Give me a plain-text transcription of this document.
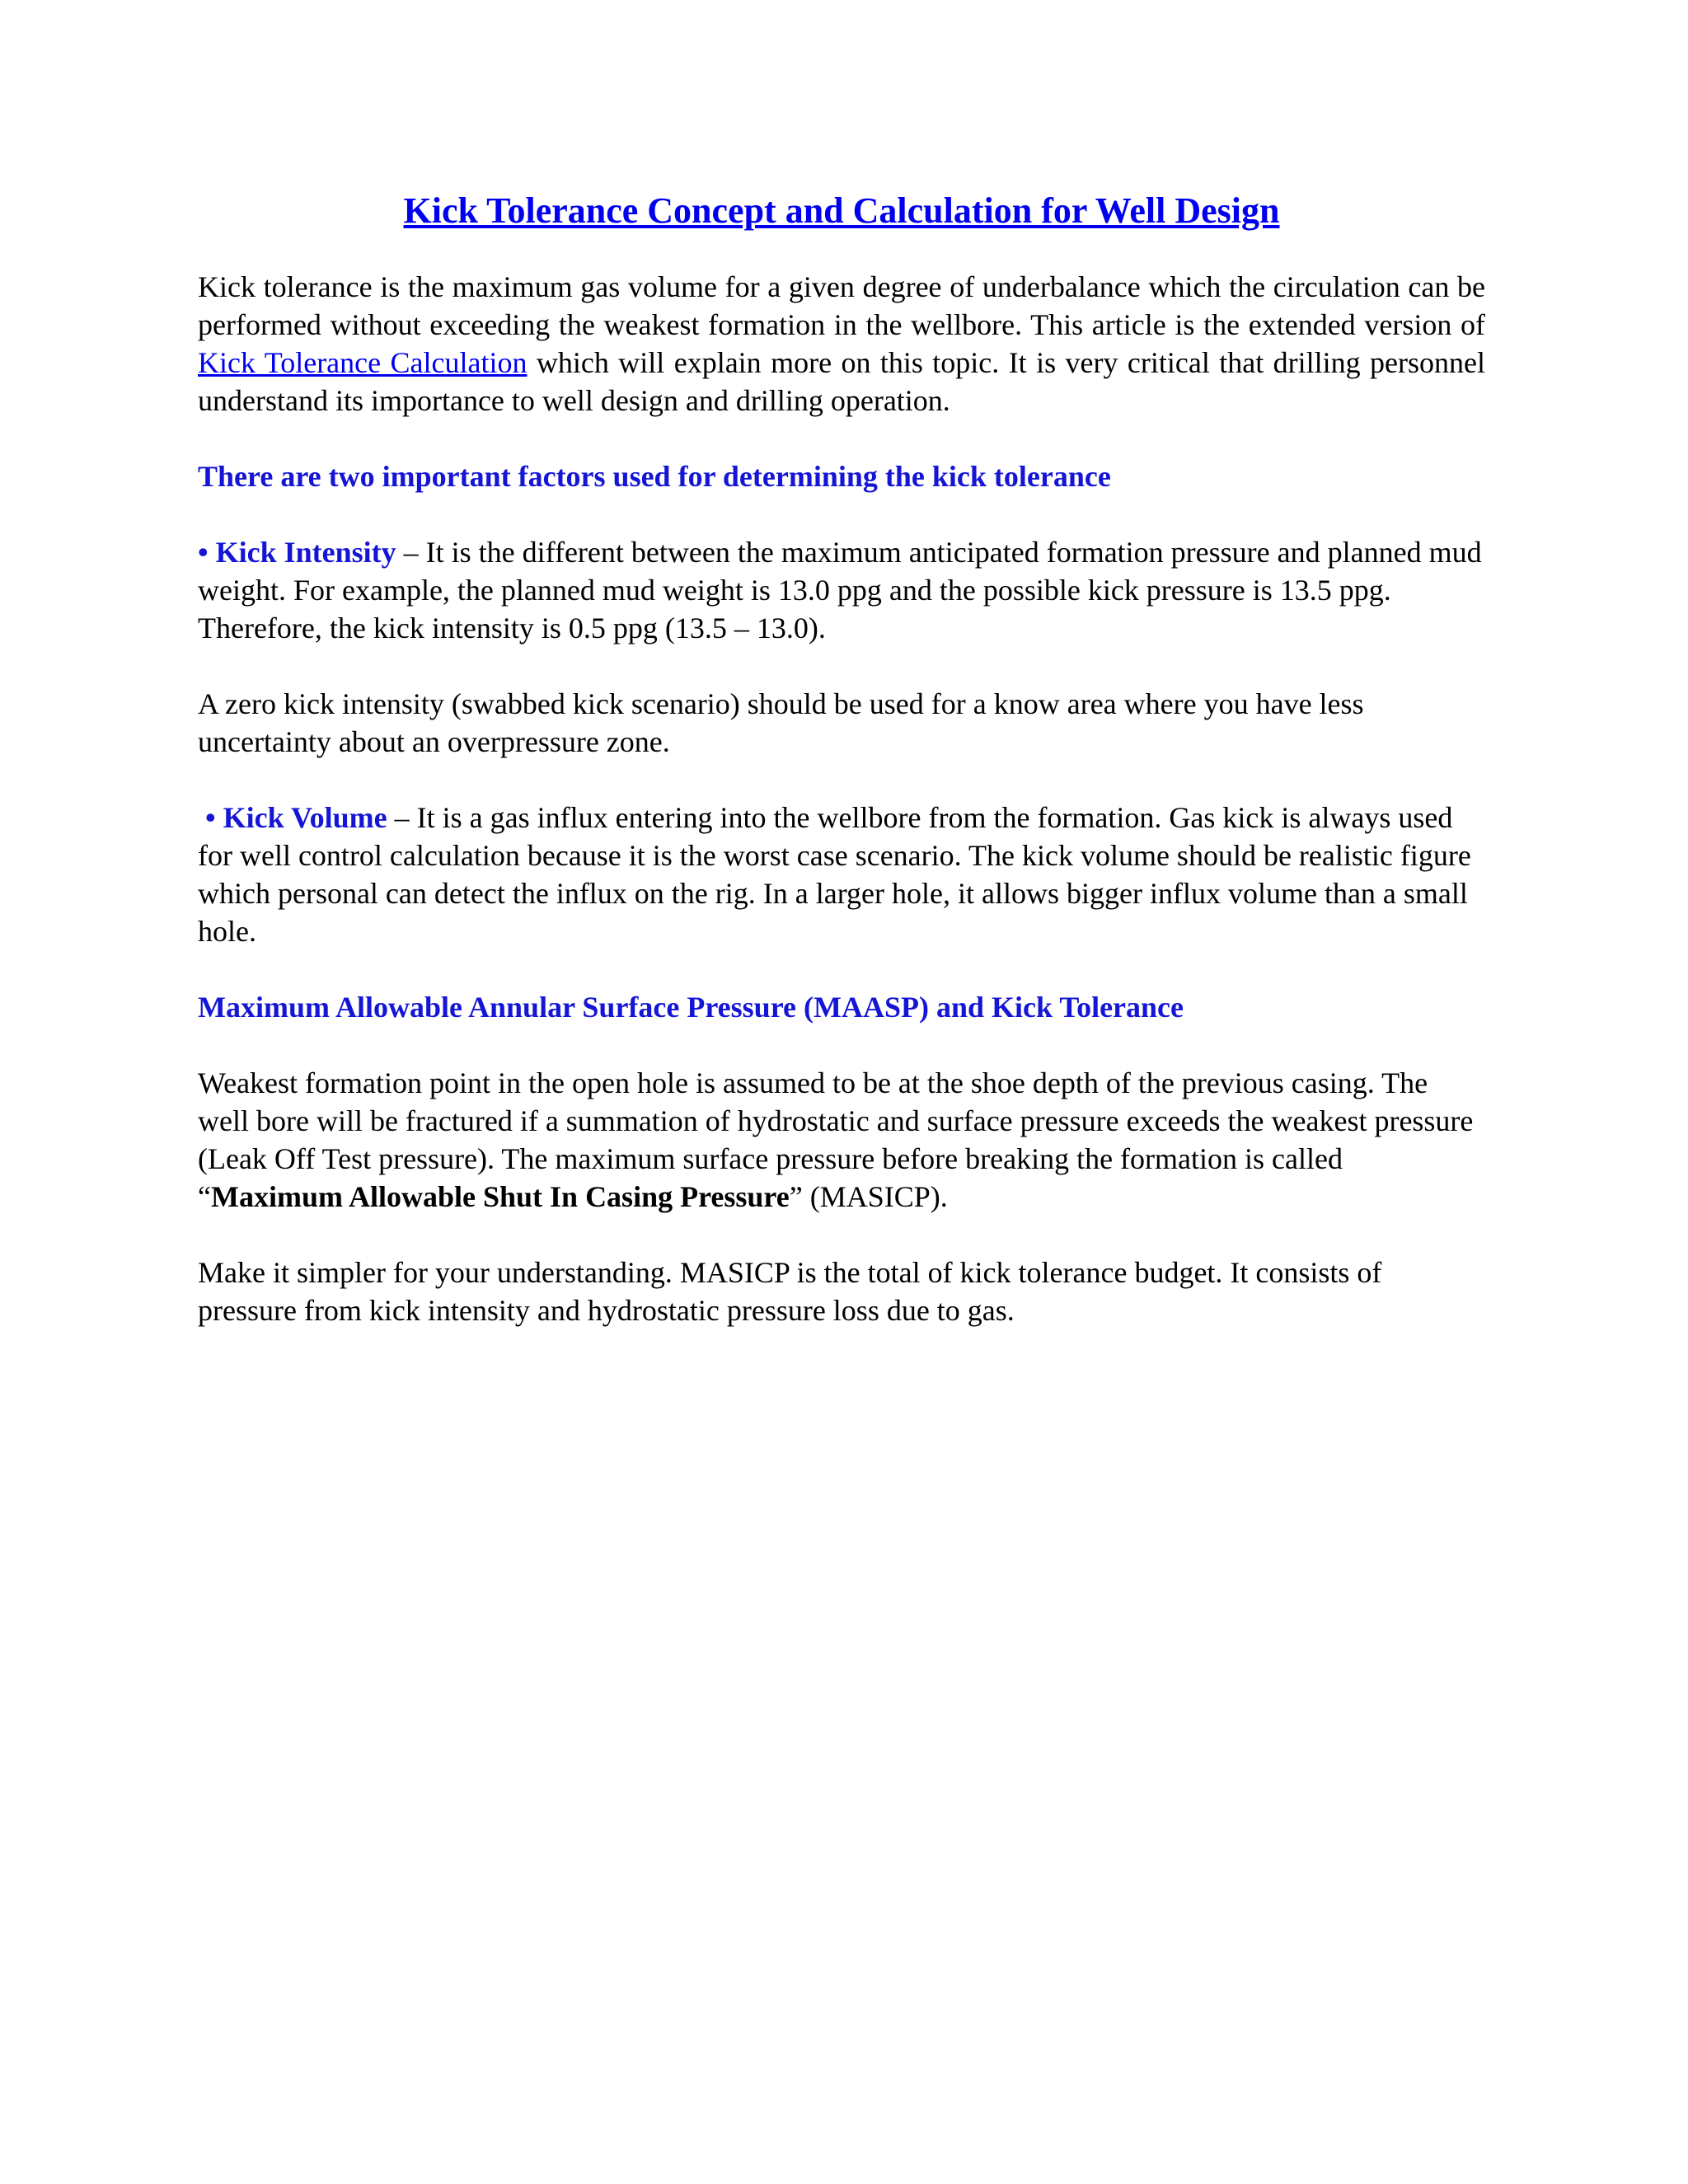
Kick Tolerance Concept and Calculation for Well Design

Kick tolerance is the maximum gas volume for a given degree of underbalance which the circulation can be performed without exceeding the weakest formation in the wellbore. This article is the extended version of Kick Tolerance Calculation which will explain more on this topic. It is very critical that drilling personnel understand its importance to well design and drilling operation.

There are two important factors used for determining the kick tolerance

• Kick Intensity – It is the different between the maximum anticipated formation pressure and planned mud weight. For example, the planned mud weight is 13.0 ppg and the possible kick pressure is 13.5 ppg. Therefore, the kick intensity is 0.5 ppg (13.5 – 13.0).

A zero kick intensity (swabbed kick scenario) should be used for a know area where you have less uncertainty about an overpressure zone.

• Kick Volume – It is a gas influx entering into the wellbore from the formation. Gas kick is always used for well control calculation because it is the worst case scenario. The kick volume should be realistic figure which personal can detect the influx on the rig. In a larger hole, it allows bigger influx volume than a small hole.

Maximum Allowable Annular Surface Pressure (MAASP) and Kick Tolerance

Weakest formation point in the open hole is assumed to be at the shoe depth of the previous casing. The well bore will be fractured if a summation of hydrostatic and surface pressure exceeds the weakest pressure (Leak Off Test pressure). The maximum surface pressure before breaking the formation is called “Maximum Allowable Shut In Casing Pressure” (MASICP).

Make it simpler for your understanding. MASICP is the total of kick tolerance budget. It consists of pressure from kick intensity and hydrostatic pressure loss due to gas.
